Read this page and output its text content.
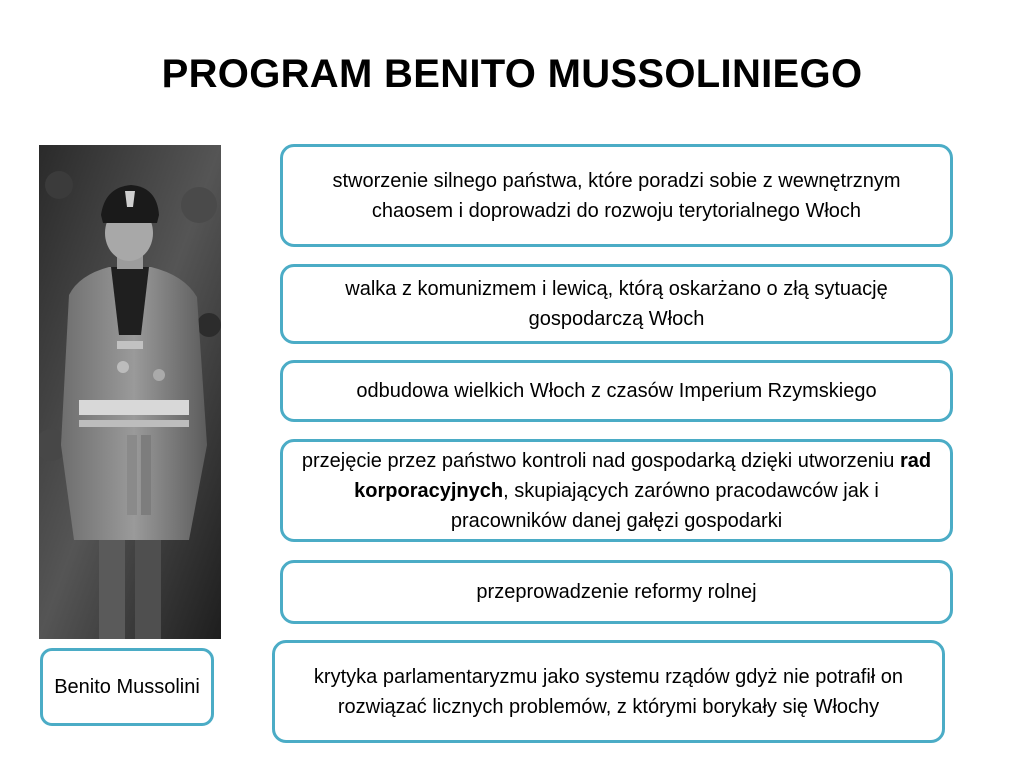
PROGRAM BENITO MUSSOLINIEGO
Benito Mussolini
stworzenie silnego państwa, które poradzi sobie z wewnętrznym chaosem i doprowadzi do rozwoju terytorialnego Włoch
walka z komunizmem i lewicą, którą oskarżano o złą sytuację gospodarczą Włoch
odbudowa wielkich Włoch z czasów Imperium Rzymskiego
przejęcie przez państwo kontroli nad gospodarką dzięki utworzeniu rad korporacyjnych, skupiających zarówno pracodawców jak i pracowników danej gałęzi gospodarki
przeprowadzenie reformy rolnej
krytyka parlamentaryzmu jako systemu rządów gdyż nie potrafił on rozwiązać licznych problemów, z którymi borykały się Włochy
